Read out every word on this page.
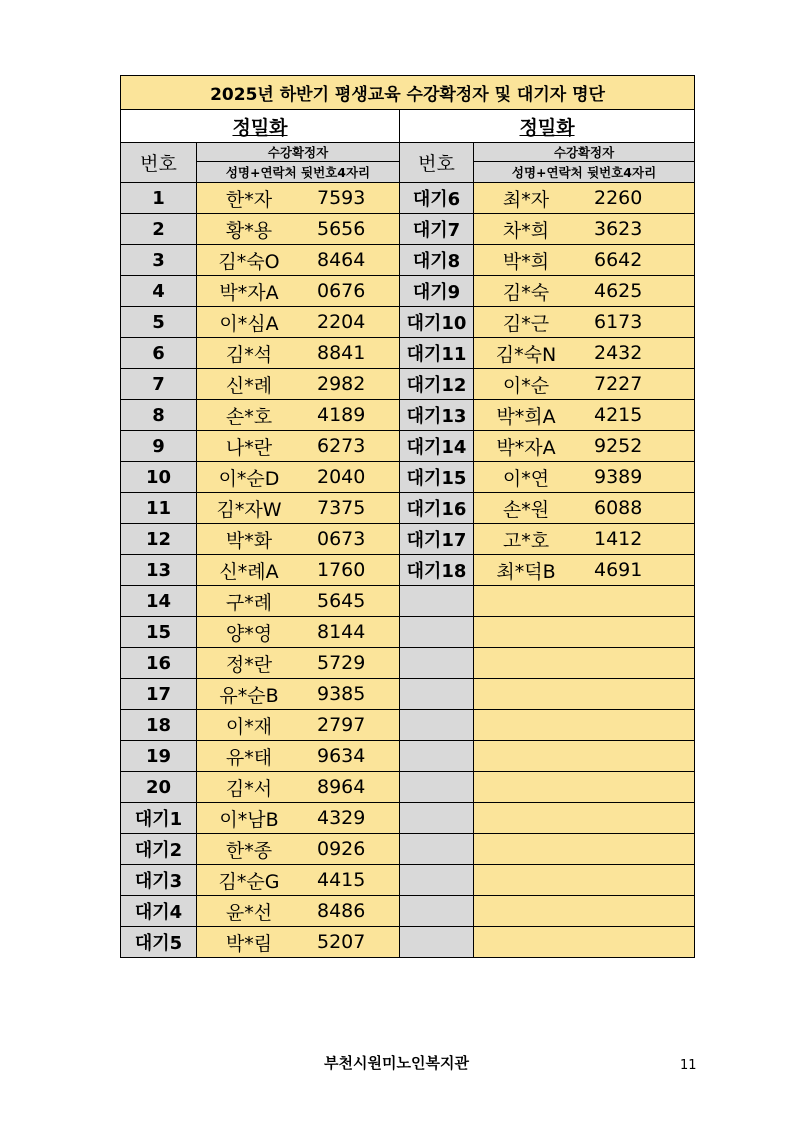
2025년 하반기 평생교육 수강확정자 및 대기자 명단			
정밀화		정밀화	
번호	수강확정자	번호	수강확정자
	성명+연락처 뒷번호4자리		성명+연락처 뒷번호4자리
1	한*자 7593	대기6	최*자 2260

2	황*용 5656	대기7	차*희 3623

3	김*숙O 8464	대기8	박*희 6642

4	박*자A 0676	대기9	김*숙 4625

5	이*심A 2204	대기10	김*근 6173

6	김*석 8841	대기11	김*숙N 2432

7	신*례 2982	대기12	이*순 7227

8	손*호 4189	대기13	박*희A 4215

9	나*란 6273	대기14	박*자A 9252

10	이*순D 2040	대기15	이*연 9389

11	김*자W 7375	대기16	손*원 6088

12	박*화 0673	대기17	고*호 1412

13	신*례A 1760	대기18	최*덕B 4691

14	구*례 5645		

15	양*영 8144		

16	정*란 5729		

17	유*순B 9385		

18	이*재 2797		

19	유*태 9634		

20	김*서 8964		

대기1	이*남B 4329		

대기2	한*종 0926		

대기3	김*순G 4415		

대기4	윤*선 8486		

대기5	박*림 5207		

부천시원미노인복지관	11
